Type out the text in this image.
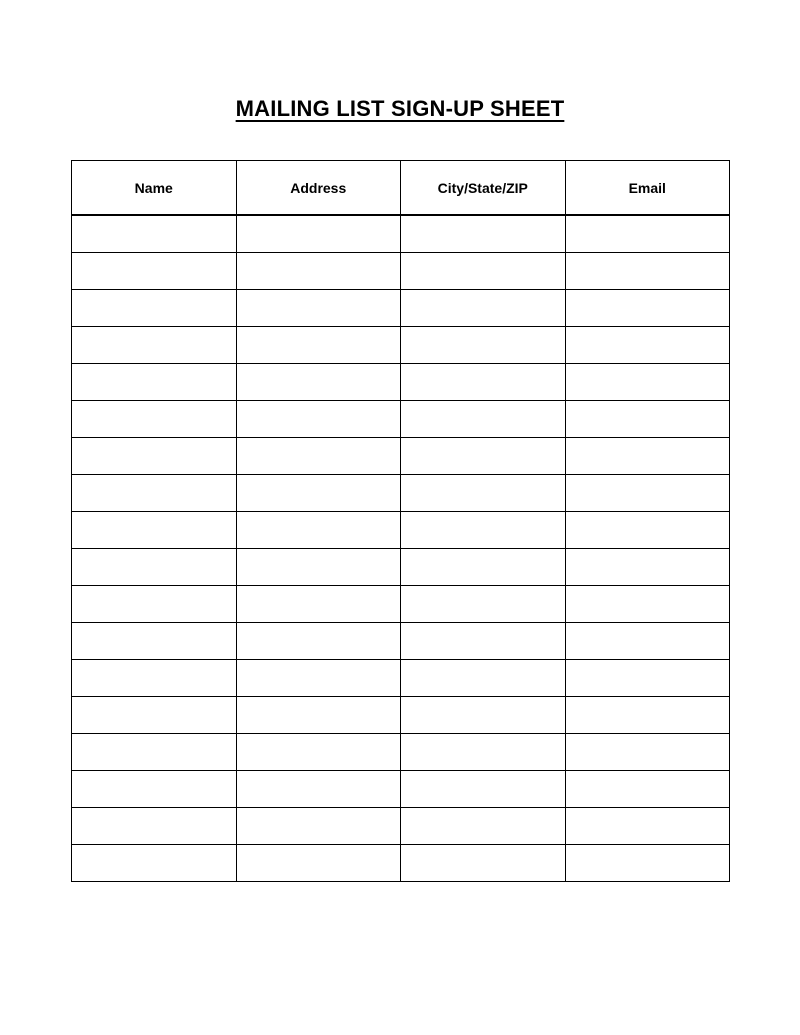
MAILING LIST SIGN-UP SHEET
Name	Address	City/State/ZIP	Email
